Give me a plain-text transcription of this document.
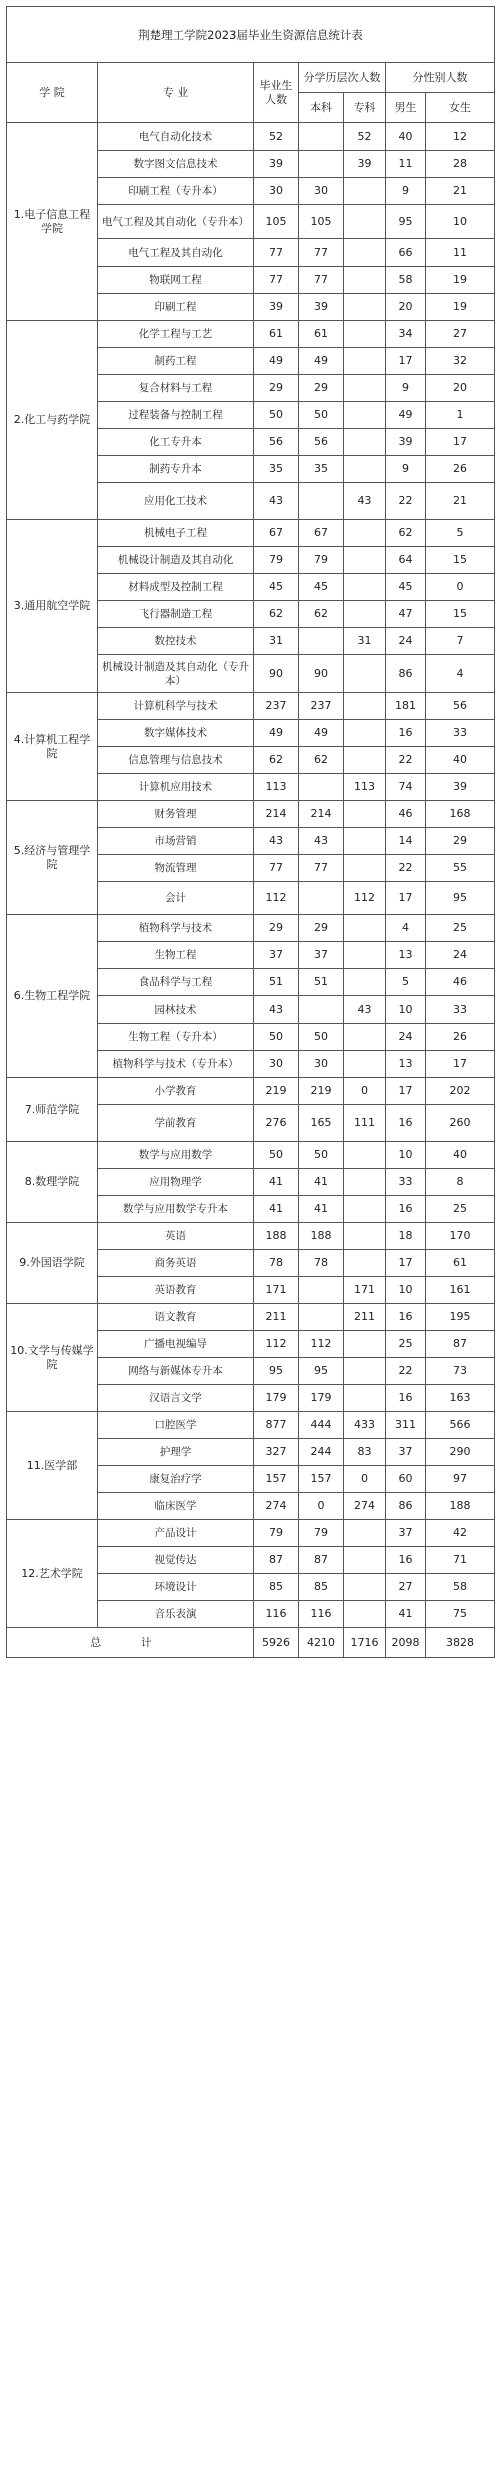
荆楚理工学院2023届毕业生资源信息统计表						
学 院	专 业	毕业生人数	分学历层次人数		分性别人数	
			本科	专科	男生	女生
1.电子信息工程学院	电气自动化技术	52		52	40	12
	数字图文信息技术	39		39	11	28
	印刷工程（专升本）	30	30		9	21
	电气工程及其自动化（专升本）	105	105		95	10
	电气工程及其自动化	77	77		66	11
	物联网工程	77	77		58	19
	印刷工程	39	39		20	19
2.化工与药学院	化学工程与工艺	61	61		34	27
	制药工程	49	49		17	32
	复合材料与工程	29	29		9	20
	过程装备与控制工程	50	50		49	1
	化工专升本	56	56		39	17
	制药专升本	35	35		9	26
	应用化工技术	43		43	22	21
3.通用航空学院	机械电子工程	67	67		62	5
	机械设计制造及其自动化	79	79		64	15
	材料成型及控制工程	45	45		45	0
	飞行器制造工程	62	62		47	15
	数控技术	31		31	24	7
	机械设计制造及其自动化（专升本）	90	90		86	4
4.计算机工程学院	计算机科学与技术	237	237		181	56
	数字媒体技术	49	49		16	33
	信息管理与信息技术	62	62		22	40
	计算机应用技术	113		113	74	39
5.经济与管理学院	财务管理	214	214		46	168
	市场营销	43	43		14	29
	物流管理	77	77		22	55
	会计	112		112	17	95
6.生物工程学院	植物科学与技术	29	29		4	25
	生物工程	37	37		13	24
	食品科学与工程	51	51		5	46
	园林技术	43		43	10	33
	生物工程（专升本）	50	50		24	26
	植物科学与技术（专升本）	30	30		13	17
7.师范学院	小学教育	219	219	0	17	202
	学前教育	276	165	111	16	260
8.数理学院	数学与应用数学	50	50		10	40
	应用物理学	41	41		33	8
	数学与应用数学专升本	41	41		16	25
9.外国语学院	英语	188	188		18	170
	商务英语	78	78		17	61
	英语教育	171		171	10	161
10.文学与传媒学院	语文教育	211		211	16	195
	广播电视编导	112	112		25	87
	网络与新媒体专升本	95	95		22	73
	汉语言文学	179	179		16	163
11.医学部	口腔医学	877	444	433	311	566
	护理学	327	244	83	37	290
	康复治疗学	157	157	0	60	97
	临床医学	274	0	274	86	188
12.艺术学院	产品设计	79	79		37	42
	视觉传达	87	87		16	71
	环境设计	85	85		27	58
	音乐表演	116	116		41	75
总 计		5926	4210	1716	2098	3828
